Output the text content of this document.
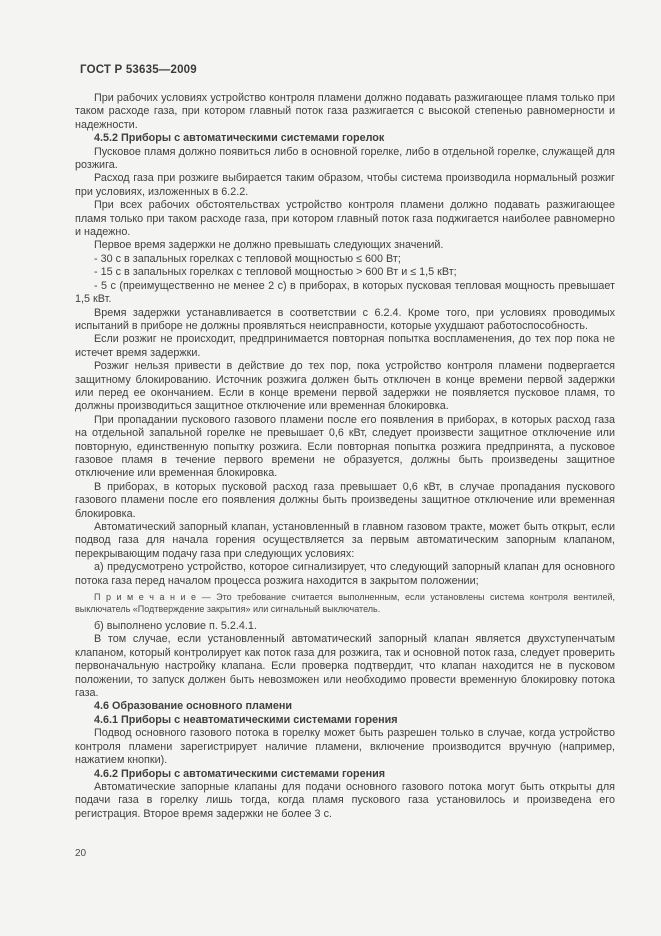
ГОСТ Р 53635—2009

При рабочих условиях устройство контроля пламени должно подавать разжигающее пламя только при таком расходе газа, при котором главный поток газа разжигается с высокой степенью равномерности и надежности.

4.5.2 Приборы с автоматическими системами горелок

Пусковое пламя должно появиться либо в основной горелке, либо в отдельной горелке, служащей для розжига.

Расход газа при розжиге выбирается таким образом, чтобы система производила нормальный розжиг при условиях, изложенных в 6.2.2.

При всех рабочих обстоятельствах устройство контроля пламени должно подавать разжигающее пламя только при таком расходе газа, при котором главный поток газа поджигается наиболее равномерно и надежно.

Первое время задержки не должно превышать следующих значений.

- 30 с в запальных горелках с тепловой мощностью ≤ 600 Вт;

- 15 с в запальных горелках с тепловой мощностью > 600 Вт и ≤ 1,5 кВт;

- 5 с (преимущественно не менее 2 с) в приборах, в которых пусковая тепловая мощность превышает 1,5 кВт.

Время задержки устанавливается в соответствии с 6.2.4. Кроме того, при условиях проводимых испытаний в приборе не должны проявляться неисправности, которые ухудшают работоспособность.

Если розжиг не происходит, предпринимается повторная попытка воспламенения, до тех пор пока не истечет время задержки.

Розжиг нельзя привести в действие до тех пор, пока устройство контроля пламени подвергается защитному блокированию. Источник розжига должен быть отключен в конце времени первой задержки или перед ее окончанием. Если в конце времени первой задержки не появляется пусковое пламя, то должны производиться защитное отключение или временная блокировка.

При пропадании пускового газового пламени после его появления в приборах, в которых расход газа на отдельной запальной горелке не превышает 0,6 кВт, следует произвести защитное отключение или повторную, единственную попытку розжига. Если повторная попытка розжига предпринята, а пусковое газовое пламя в течение первого времени не образуется, должны быть произведены защитное отключение или временная блокировка.

В приборах, в которых пусковой расход газа превышает 0,6 кВт, в случае пропадания пускового газового пламени после его появления должны быть произведены защитное отключение или временная блокировка.

Автоматический запорный клапан, установленный в главном газовом тракте, может быть открыт, если подвод газа для начала горения осуществляется за первым автоматическим запорным клапаном, перекрывающим подачу газа при следующих условиях:

а) предусмотрено устройство, которое сигнализирует, что следующий запорный клапан для основного потока газа перед началом процесса розжига находится в закрытом положении;

П р и м е ч а н и е — Это требование считается выполненным, если установлены система контроля вентилей, выключатель «Подтверждение закрытия» или сигнальный выключатель.

б) выполнено условие п. 5.2.4.1.

В том случае, если установленный автоматический запорный клапан является двухступенчатым клапаном, который контролирует как поток газа для розжига, так и основной поток газа, следует проверить первоначальную настройку клапана. Если проверка подтвердит, что клапан находится не в пусковом положении, то запуск должен быть невозможен или необходимо провести временную блокировку потока газа.

4.6 Образование основного пламени

4.6.1 Приборы с неавтоматическими системами горения

Подвод основного газового потока в горелку может быть разрешен только в случае, когда устройство контроля пламени зарегистрирует наличие пламени, включение производится вручную (например, нажатием кнопки).

4.6.2 Приборы с автоматическими системами горения

Автоматические запорные клапаны для подачи основного газового потока могут быть открыты для подачи газа в горелку лишь тогда, когда пламя пускового газа установилось и произведена его регистрация. Второе время задержки не более 3 с.

20
